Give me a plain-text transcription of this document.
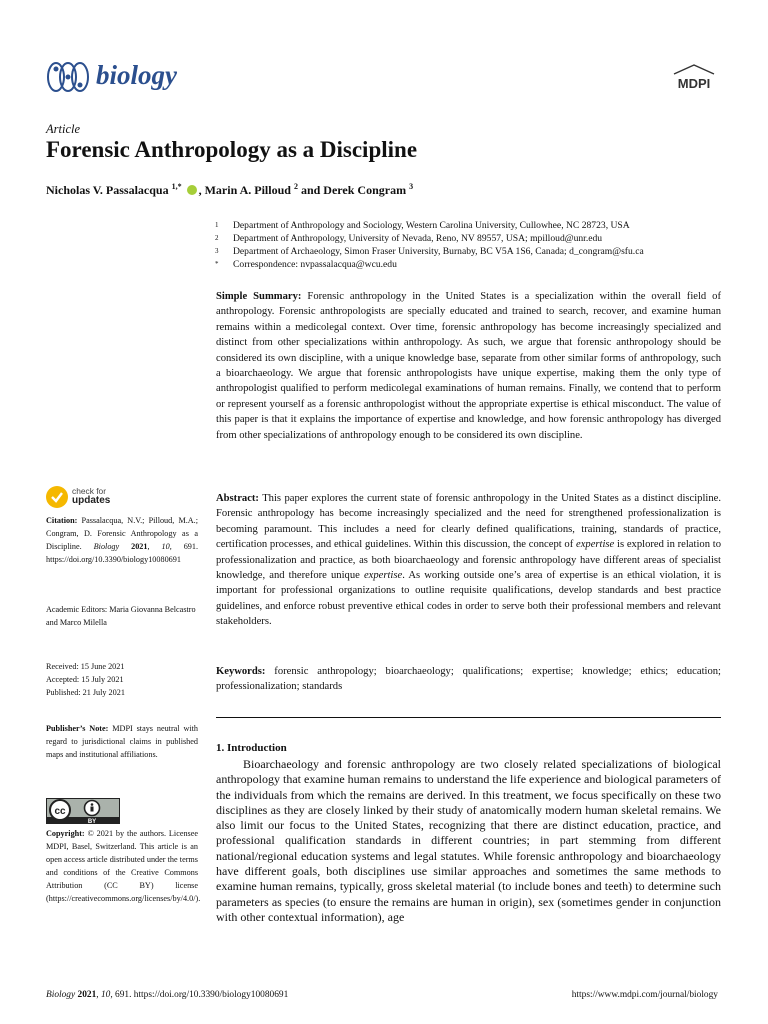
biology	MDPI
Article
Forensic Anthropology as a Discipline
Nicholas V. Passalacqua $^{1,*}$ , Marin A. Pilloud $^2$ and Derek Congram $^3$
1	Department of Anthropology and Sociology, Western Carolina University, Cullowhee, NC 28723, USA
2	Department of Anthropology, University of Nevada, Reno, NV 89557, USA; mpilloud@unr.edu
3	Department of Archaeology, Simon Fraser University, Burnaby, BC V5A 1S6, Canada; d_congram@sfu.ca
*	Correspondence: nvpassalacqua@wcu.edu
Simple Summary: Forensic anthropology in the United States is a specialization within the overall field of anthropology. Forensic anthropologists are specially educated and trained to search, recover, and examine human remains within a medicolegal context. Over time, forensic anthropology has become increasingly specialized and distinct from other specializations within anthropology. As such, we argue that forensic anthropology should be considered its own discipline, with a unique knowledge base, separate from other similar forms of anthropology, such a bioarchaeology. We argue that forensic anthropologists have unique expertise, making them the only type of anthropologist qualified to perform medicolegal examinations of human remains. Finally, we contend that to perform or represent yourself as a forensic anthropologist without the appropriate expertise is ethical misconduct. The value of this paper is that it explains the importance of expertise and knowledge, and how forensic anthropology has diverged from other specializations of anthropology enough to be considered its own discipline.
Abstract: This paper explores the current state of forensic anthropology in the United States as a distinct discipline. Forensic anthropology has become increasingly specialized and the need for strengthened professionalization is becoming paramount. This includes a need for clearly defined qualifications, training, standards of practice, certification processes, and ethical guidelines. Within this discussion, the concept of expertise is explored in relation to professionalization and practice, as both bioarchaeology and forensic anthropology have different areas of specialist knowledge, and therefore unique expertise. As working outside one’s area of expertise is an ethical violation, it is important for professional organizations to outline requisite qualifications, develop standards and best practice guidelines, and enforce robust preventive ethical codes in order to serve both their professional members and relevant stakeholders.
Keywords: forensic anthropology; bioarchaeology; qualifications; expertise; knowledge; ethics; education; professionalization; standards
1. Introduction
Bioarchaeology and forensic anthropology are two closely related specializations of biological anthropology that examine human remains to understand the life experience and biological parameters of the individuals from which the remains are derived. In this treatment, we focus specifically on these two disciplines as they are closely linked by their study of anatomically modern human skeletal remains. We also limit our focus to the United States, recognizing that there are distinct education, practice, and professional qualification standards in different countries; in part stemming from different national/regional education systems and legal statutes. While forensic anthropology and bioarchaeology have different goals, both disciplines use similar approaches and sometimes the same methods to examine human remains, typically, gross skeletal material (to include bones and teeth) to determine such parameters as species (to ensure the remains are human in origin), sex (sometimes gender in conjunction with other contextual information), age
check for
updates
Citation: Passalacqua, N.V.; Pilloud, M.A.; Congram, D. Forensic Anthropology as a Discipline. Biology 2021, 10, 691. https://doi.org/10.3390/biology10080691
Academic Editors: Maria Giovanna Belcastro and Marco Milella
Received: 15 June 2021
Accepted: 15 July 2021
Published: 21 July 2021
Publisher’s Note: MDPI stays neutral with regard to jurisdictional claims in published maps and institutional affiliations.
cc
BY
Copyright: © 2021 by the authors. Licensee MDPI, Basel, Switzerland. This article is an open access article distributed under the terms and conditions of the Creative Commons Attribution (CC BY) license (https://creativecommons.org/licenses/by/4.0/).
Biology 2021, 10, 691. https://doi.org/10.3390/biology10080691	https://www.mdpi.com/journal/biology
